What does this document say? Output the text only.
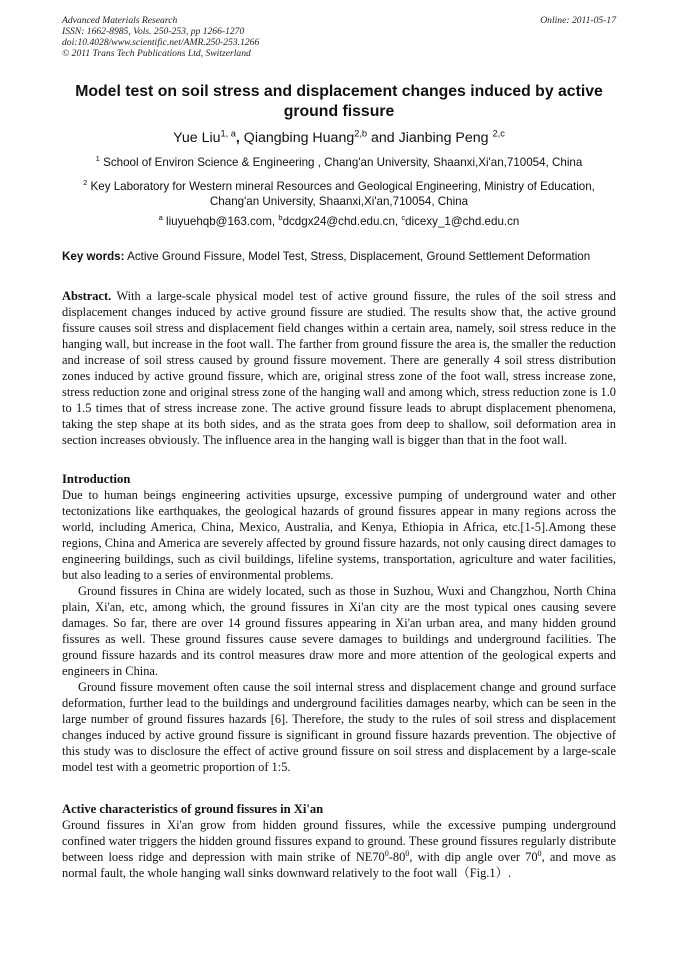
Advanced Materials Research
ISSN: 1662-8985, Vols. 250-253, pp 1266-1270
doi:10.4028/www.scientific.net/AMR.250-253.1266
© 2011 Trans Tech Publications Ltd, Switzerland
Online: 2011-05-17
Model test on soil stress and displacement changes induced by active ground fissure
Yue Liu$^{1, a}$, Qiangbing Huang$^{2,b}$ and Jianbing Peng $^{2,c}$
$^1$ School of Environ Science & Engineering , Chang'an University, Shaanxi,Xi'an,710054, China
$^2$ Key Laboratory for Western mineral Resources and Geological Engineering, Ministry of Education, Chang'an University, Shaanxi,Xi'an,710054, China
$^a$ liuyuehqb@163.com, $^b$dcdgx24@chd.edu.cn, $^c$dicexy_1@chd.edu.cn
Key words: Active Ground Fissure, Model Test, Stress, Displacement, Ground Settlement Deformation
Abstract. With a large-scale physical model test of active ground fissure, the rules of the soil stress and displacement changes induced by active ground fissure are studied. The results show that, the active ground fissure causes soil stress and displacement field changes within a certain area, namely, soil stress reduce in the hanging wall, but increase in the foot wall. The farther from ground fissure the area is, the smaller the reduction and increase of soil stress caused by ground fissure movement. There are generally 4 soil stress distribution zones induced by active ground fissure, which are, original stress zone of the foot wall, stress increase zone, stress reduction zone and original stress zone of the hanging wall and among which, stress reduction zone is 1.0 to 1.5 times that of stress increase zone. The active ground fissure leads to abrupt displacement phenomena, taking the step shape at its both sides, and as the strata goes from deep to shallow, soil deformation area in section increases obviously. The influence area in the hanging wall is bigger than that in the foot wall.
Introduction

Due to human beings engineering activities upsurge, excessive pumping of underground water and other tectonizations like earthquakes, the geological hazards of ground fissures appear in many regions across the world, including America, China, Mexico, Australia, and Kenya, Ethiopia in Africa, etc.[1-5].Among these regions, China and America are severely affected by ground fissure hazards, not only causing direct damages to engineering buildings, such as civil buildings, lifeline systems, transportation, agriculture and water facilities, but also leading to a series of environmental problems.

Ground fissures in China are widely located, such as those in Suzhou, Wuxi and Changzhou, North China plain, Xi'an, etc, among which, the ground fissures in Xi'an city are the most typical ones causing severe damages. So far, there are over 14 ground fissures appearing in Xi'an urban area, and many hidden ground fissures as well. These ground fissures cause severe damages to buildings and underground facilities. The ground fissure hazards and its control measures draw more and more attention of the geological experts and engineers in China.

Ground fissure movement often cause the soil internal stress and displacement change and ground surface deformation, further lead to the buildings and underground facilities damages nearby, which can be seen in the large number of ground fissures hazards [6]. Therefore, the study to the rules of soil stress and displacement changes induced by active ground fissure is significant in ground fissure hazards prevention. The objective of this study was to disclosure the effect of active ground fissure on soil stress and displacement by a large-scale model test with a geometric proportion of 1:5.

Active characteristics of ground fissures in Xi'an

Ground fissures in Xi'an grow from hidden ground fissures, while the excessive pumping underground confined water triggers the hidden ground fissures expand to ground. These ground fissures regularly distribute between loess ridge and depression with main strike of $NE70^0-80^0$, with dip angle over $70^0$, and move as normal fault, the whole hanging wall sinks downward relatively to the foot wall（Fig.1）.
